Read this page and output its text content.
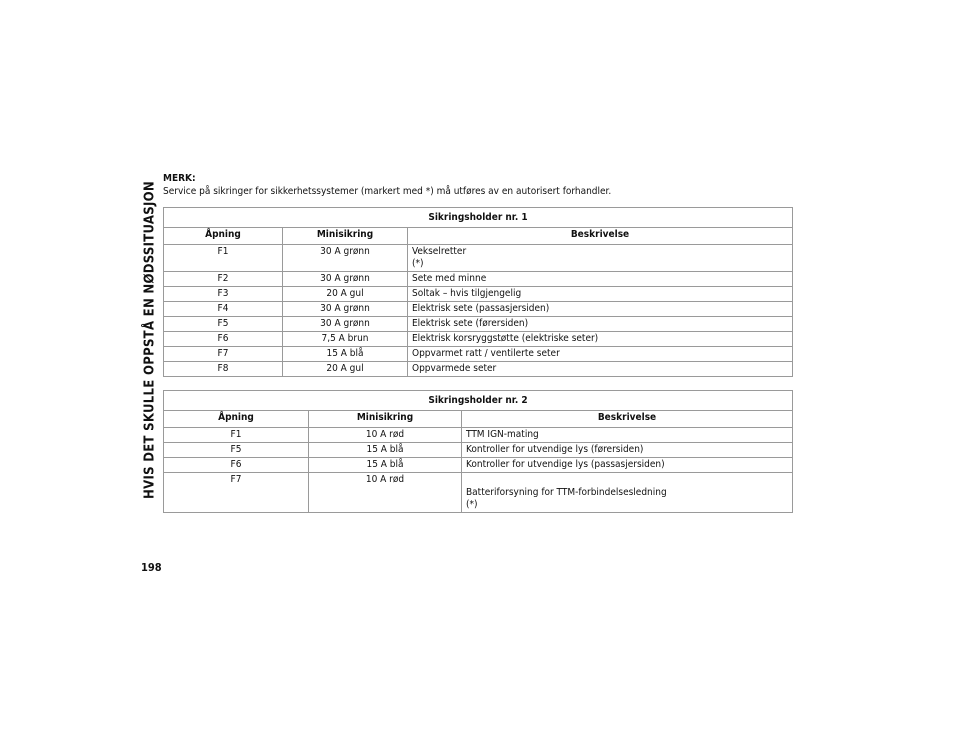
HVIS DET SKULLE OPPSTÅ EN NØDSSITUASJON
198
MERK:
Service på sikringer for sikkerhetssystemer (markert med *) må utføres av en autorisert forhandler.
Sikringsholder nr. 1		
Åpning	Minisikring	Beskrivelse
F1	30 A grønn	Vekselretter
(*)

F2	30 A grønn	Sete med minne
F3	20 A gul	Soltak – hvis tilgjengelig
F4	30 A grønn	Elektrisk sete (passasjersiden)
F5	30 A grønn	Elektrisk sete (førersiden)
F6	7,5 A brun	Elektrisk korsryggstøtte (elektriske seter)
F7	15 A blå	Oppvarmet ratt / ventilerte seter
F8	20 A gul	Oppvarmede seter
Sikringsholder nr. 2		
Åpning	Minisikring	Beskrivelse
F1	10 A rød	TTM IGN-mating
F5	15 A blå	Kontroller for utvendige lys (førersiden)
F6	15 A blå	Kontroller for utvendige lys (passasjersiden)
F7	10 A rød	Batteriforsyning for TTM-forbindelsesledning
(*)
